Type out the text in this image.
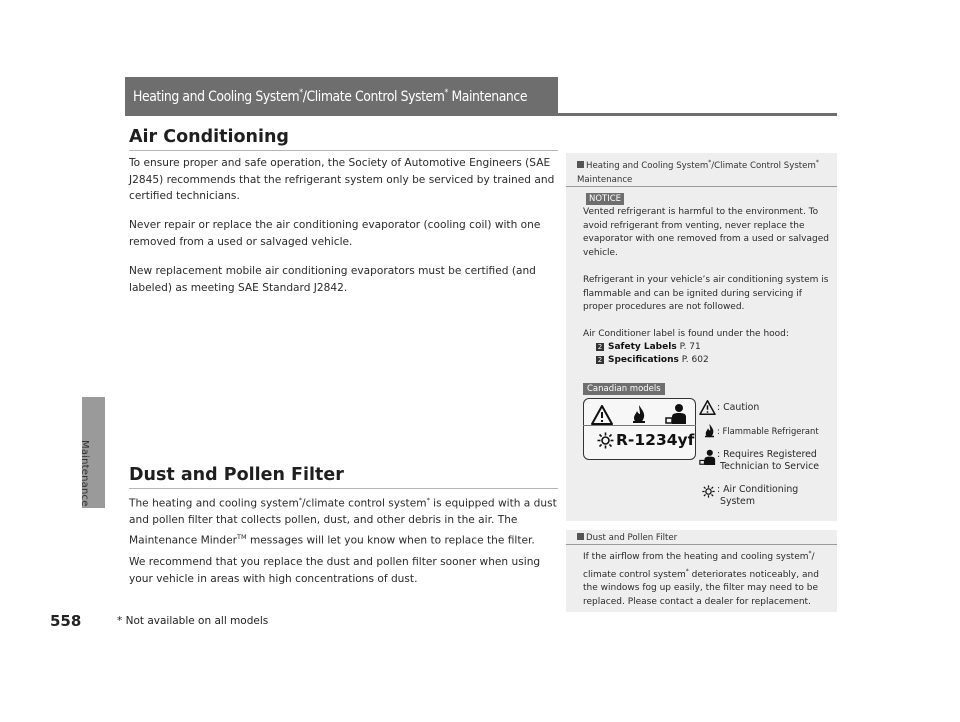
Maintenance
558	* Not available on all models
Heating and Cooling System*/Climate Control System* Maintenance
Air Conditioning
To ensure proper and safe operation, the Society of Automotive Engineers (SAE J2845) recommends that the refrigerant system only be serviced by trained and certified technicians.
Never repair or replace the air conditioning evaporator (cooling coil) with one removed from a used or salvaged vehicle.
New replacement mobile air conditioning evaporators must be certified (and labeled) as meeting SAE Standard J2842.
Dust and Pollen Filter
The heating and cooling system*/climate control system* is equipped with a dust and pollen filter that collects pollen, dust, and other debris in the air. The Maintenance Minder™ messages will let you know when to replace the filter.
We recommend that you replace the dust and pollen filter sooner when using your vehicle in areas with high concentrations of dust.
Heating and Cooling System*/Climate Control System*
Maintenance
NOTICE
Vented refrigerant is harmful to the environment. To avoid refrigerant from venting, never replace the evaporator with one removed from a used or salvaged vehicle.
Refrigerant in your vehicle’s air conditioning system is flammable and can be ignited during servicing if proper procedures are not followed.
Air Conditioner label is found under the hood:
2 Safety Labels P. 71
2 Specifications P. 602
Canadian models
R-1234yf
: Caution
: Flammable Refrigerant
: Requires Registered
Technician to Service
: Air Conditioning
System
Dust and Pollen Filter
If the airflow from the heating and cooling system*/ climate control system* deteriorates noticeably, and the windows fog up easily, the filter may need to be replaced. Please contact a dealer for replacement.
